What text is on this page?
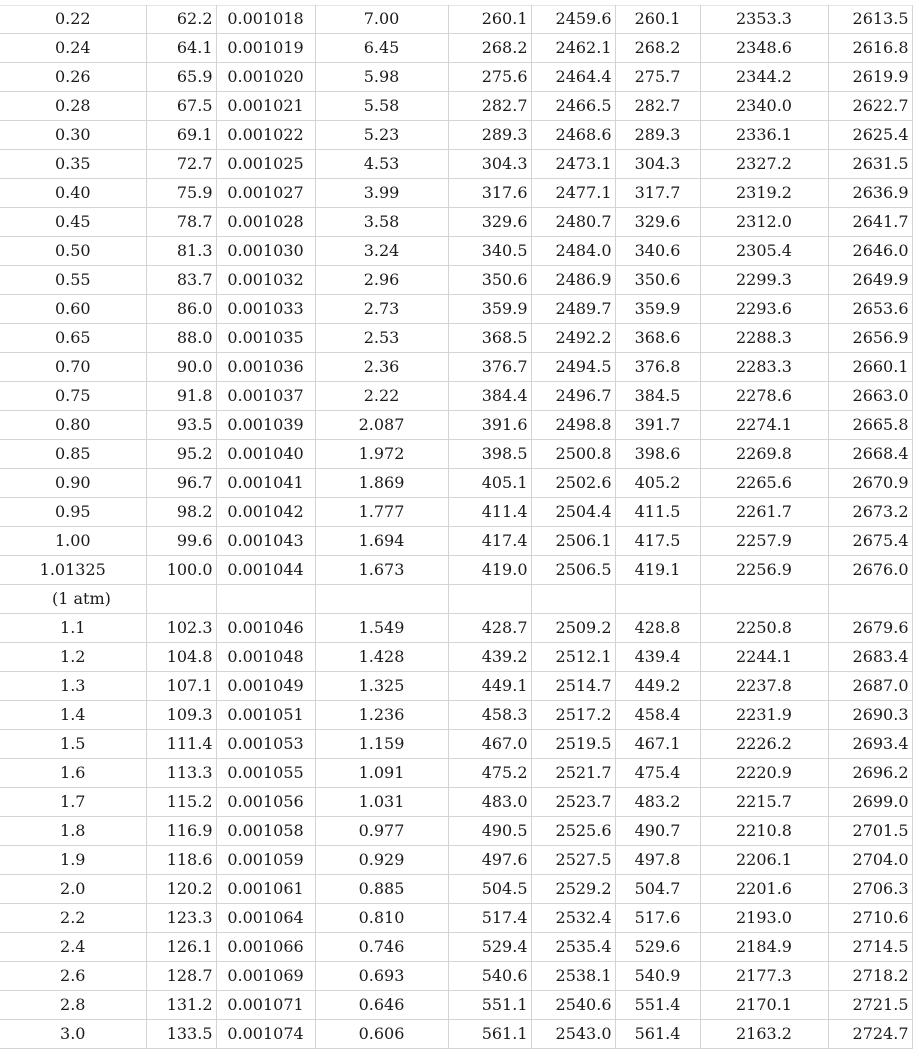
0.22	62.2	0.001018	7.00	260.1	2459.6	260.1	2353.3	2613.5
0.24	64.1	0.001019	6.45	268.2	2462.1	268.2	2348.6	2616.8
0.26	65.9	0.001020	5.98	275.6	2464.4	275.7	2344.2	2619.9
0.28	67.5	0.001021	5.58	282.7	2466.5	282.7	2340.0	2622.7
0.30	69.1	0.001022	5.23	289.3	2468.6	289.3	2336.1	2625.4
0.35	72.7	0.001025	4.53	304.3	2473.1	304.3	2327.2	2631.5
0.40	75.9	0.001027	3.99	317.6	2477.1	317.7	2319.2	2636.9
0.45	78.7	0.001028	3.58	329.6	2480.7	329.6	2312.0	2641.7
0.50	81.3	0.001030	3.24	340.5	2484.0	340.6	2305.4	2646.0
0.55	83.7	0.001032	2.96	350.6	2486.9	350.6	2299.3	2649.9
0.60	86.0	0.001033	2.73	359.9	2489.7	359.9	2293.6	2653.6
0.65	88.0	0.001035	2.53	368.5	2492.2	368.6	2288.3	2656.9
0.70	90.0	0.001036	2.36	376.7	2494.5	376.8	2283.3	2660.1
0.75	91.8	0.001037	2.22	384.4	2496.7	384.5	2278.6	2663.0
0.80	93.5	0.001039	2.087	391.6	2498.8	391.7	2274.1	2665.8
0.85	95.2	0.001040	1.972	398.5	2500.8	398.6	2269.8	2668.4
0.90	96.7	0.001041	1.869	405.1	2502.6	405.2	2265.6	2670.9
0.95	98.2	0.001042	1.777	411.4	2504.4	411.5	2261.7	2673.2
1.00	99.6	0.001043	1.694	417.4	2506.1	417.5	2257.9	2675.4
1.01325	100.0	0.001044	1.673	419.0	2506.5	419.1	2256.9	2676.0
(1 atm)								
1.1	102.3	0.001046	1.549	428.7	2509.2	428.8	2250.8	2679.6
1.2	104.8	0.001048	1.428	439.2	2512.1	439.4	2244.1	2683.4
1.3	107.1	0.001049	1.325	449.1	2514.7	449.2	2237.8	2687.0
1.4	109.3	0.001051	1.236	458.3	2517.2	458.4	2231.9	2690.3
1.5	111.4	0.001053	1.159	467.0	2519.5	467.1	2226.2	2693.4
1.6	113.3	0.001055	1.091	475.2	2521.7	475.4	2220.9	2696.2
1.7	115.2	0.001056	1.031	483.0	2523.7	483.2	2215.7	2699.0
1.8	116.9	0.001058	0.977	490.5	2525.6	490.7	2210.8	2701.5
1.9	118.6	0.001059	0.929	497.6	2527.5	497.8	2206.1	2704.0
2.0	120.2	0.001061	0.885	504.5	2529.2	504.7	2201.6	2706.3
2.2	123.3	0.001064	0.810	517.4	2532.4	517.6	2193.0	2710.6
2.4	126.1	0.001066	0.746	529.4	2535.4	529.6	2184.9	2714.5
2.6	128.7	0.001069	0.693	540.6	2538.1	540.9	2177.3	2718.2
2.8	131.2	0.001071	0.646	551.1	2540.6	551.4	2170.1	2721.5
3.0	133.5	0.001074	0.606	561.1	2543.0	561.4	2163.2	2724.7
